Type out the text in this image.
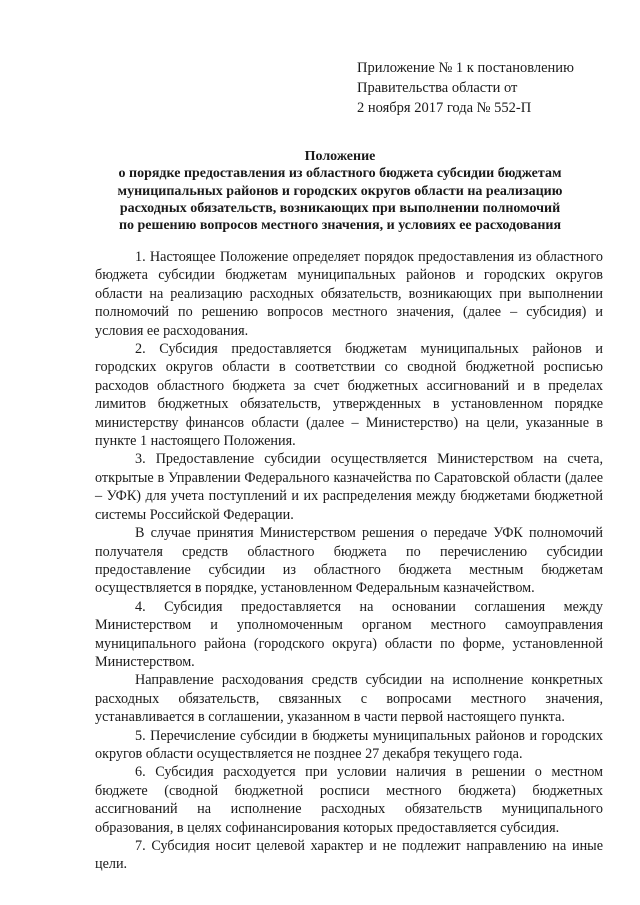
Приложение № 1 к постановлению
Правительства области от
2 ноября 2017 года № 552-П
Положение
о порядке предоставления из областного бюджета субсидии бюджетам
муниципальных районов и городских округов области на реализацию
расходных обязательств, возникающих при выполнении полномочий
по решению вопросов местного значения, и условиях ее расходования

1. Настоящее Положение определяет порядок предоставления из областного бюджета субсидии бюджетам муниципальных районов и городских округов области на реализацию расходных обязательств, возникающих при выполнении полномочий по решению вопросов местного значения, (далее – субсидия) и условия ее расходования.

2. Субсидия предоставляется бюджетам муниципальных районов и городских округов области в соответствии со сводной бюджетной росписью расходов областного бюджета за счет бюджетных ассигнований и в пределах лимитов бюджетных обязательств, утвержденных в установленном порядке министерству финансов области (далее – Министерство) на цели, указанные в пункте 1 настоящего Положения.

3. Предоставление субсидии осуществляется Министерством на счета, открытые в Управлении Федерального казначейства по Саратовской области (далее – УФК) для учета поступлений и их распределения между бюджетами бюджетной системы Российской Федерации.

В случае принятия Министерством решения о передаче УФК полномочий получателя средств областного бюджета по перечислению субсидии предоставление субсидии из областного бюджета местным бюджетам осуществляется в порядке, установленном Федеральным казначейством.

4. Субсидия предоставляется на основании соглашения между Министерством и уполномоченным органом местного самоуправления муниципального района (городского округа) области по форме, установленной Министерством.

Направление расходования средств субсидии на исполнение конкретных расходных обязательств, связанных с вопросами местного значения, устанавливается в соглашении, указанном в части первой настоящего пункта.

5. Перечисление субсидии в бюджеты муниципальных районов и городских округов области осуществляется не позднее 27 декабря текущего года.

6. Субсидия расходуется при условии наличия в решении о местном бюджете (сводной бюджетной росписи местного бюджета) бюджетных ассигнований на исполнение расходных обязательств муниципального образования, в целях софинансирования которых предоставляется субсидия.

7. Субсидия носит целевой характер и не подлежит направлению на иные цели.
